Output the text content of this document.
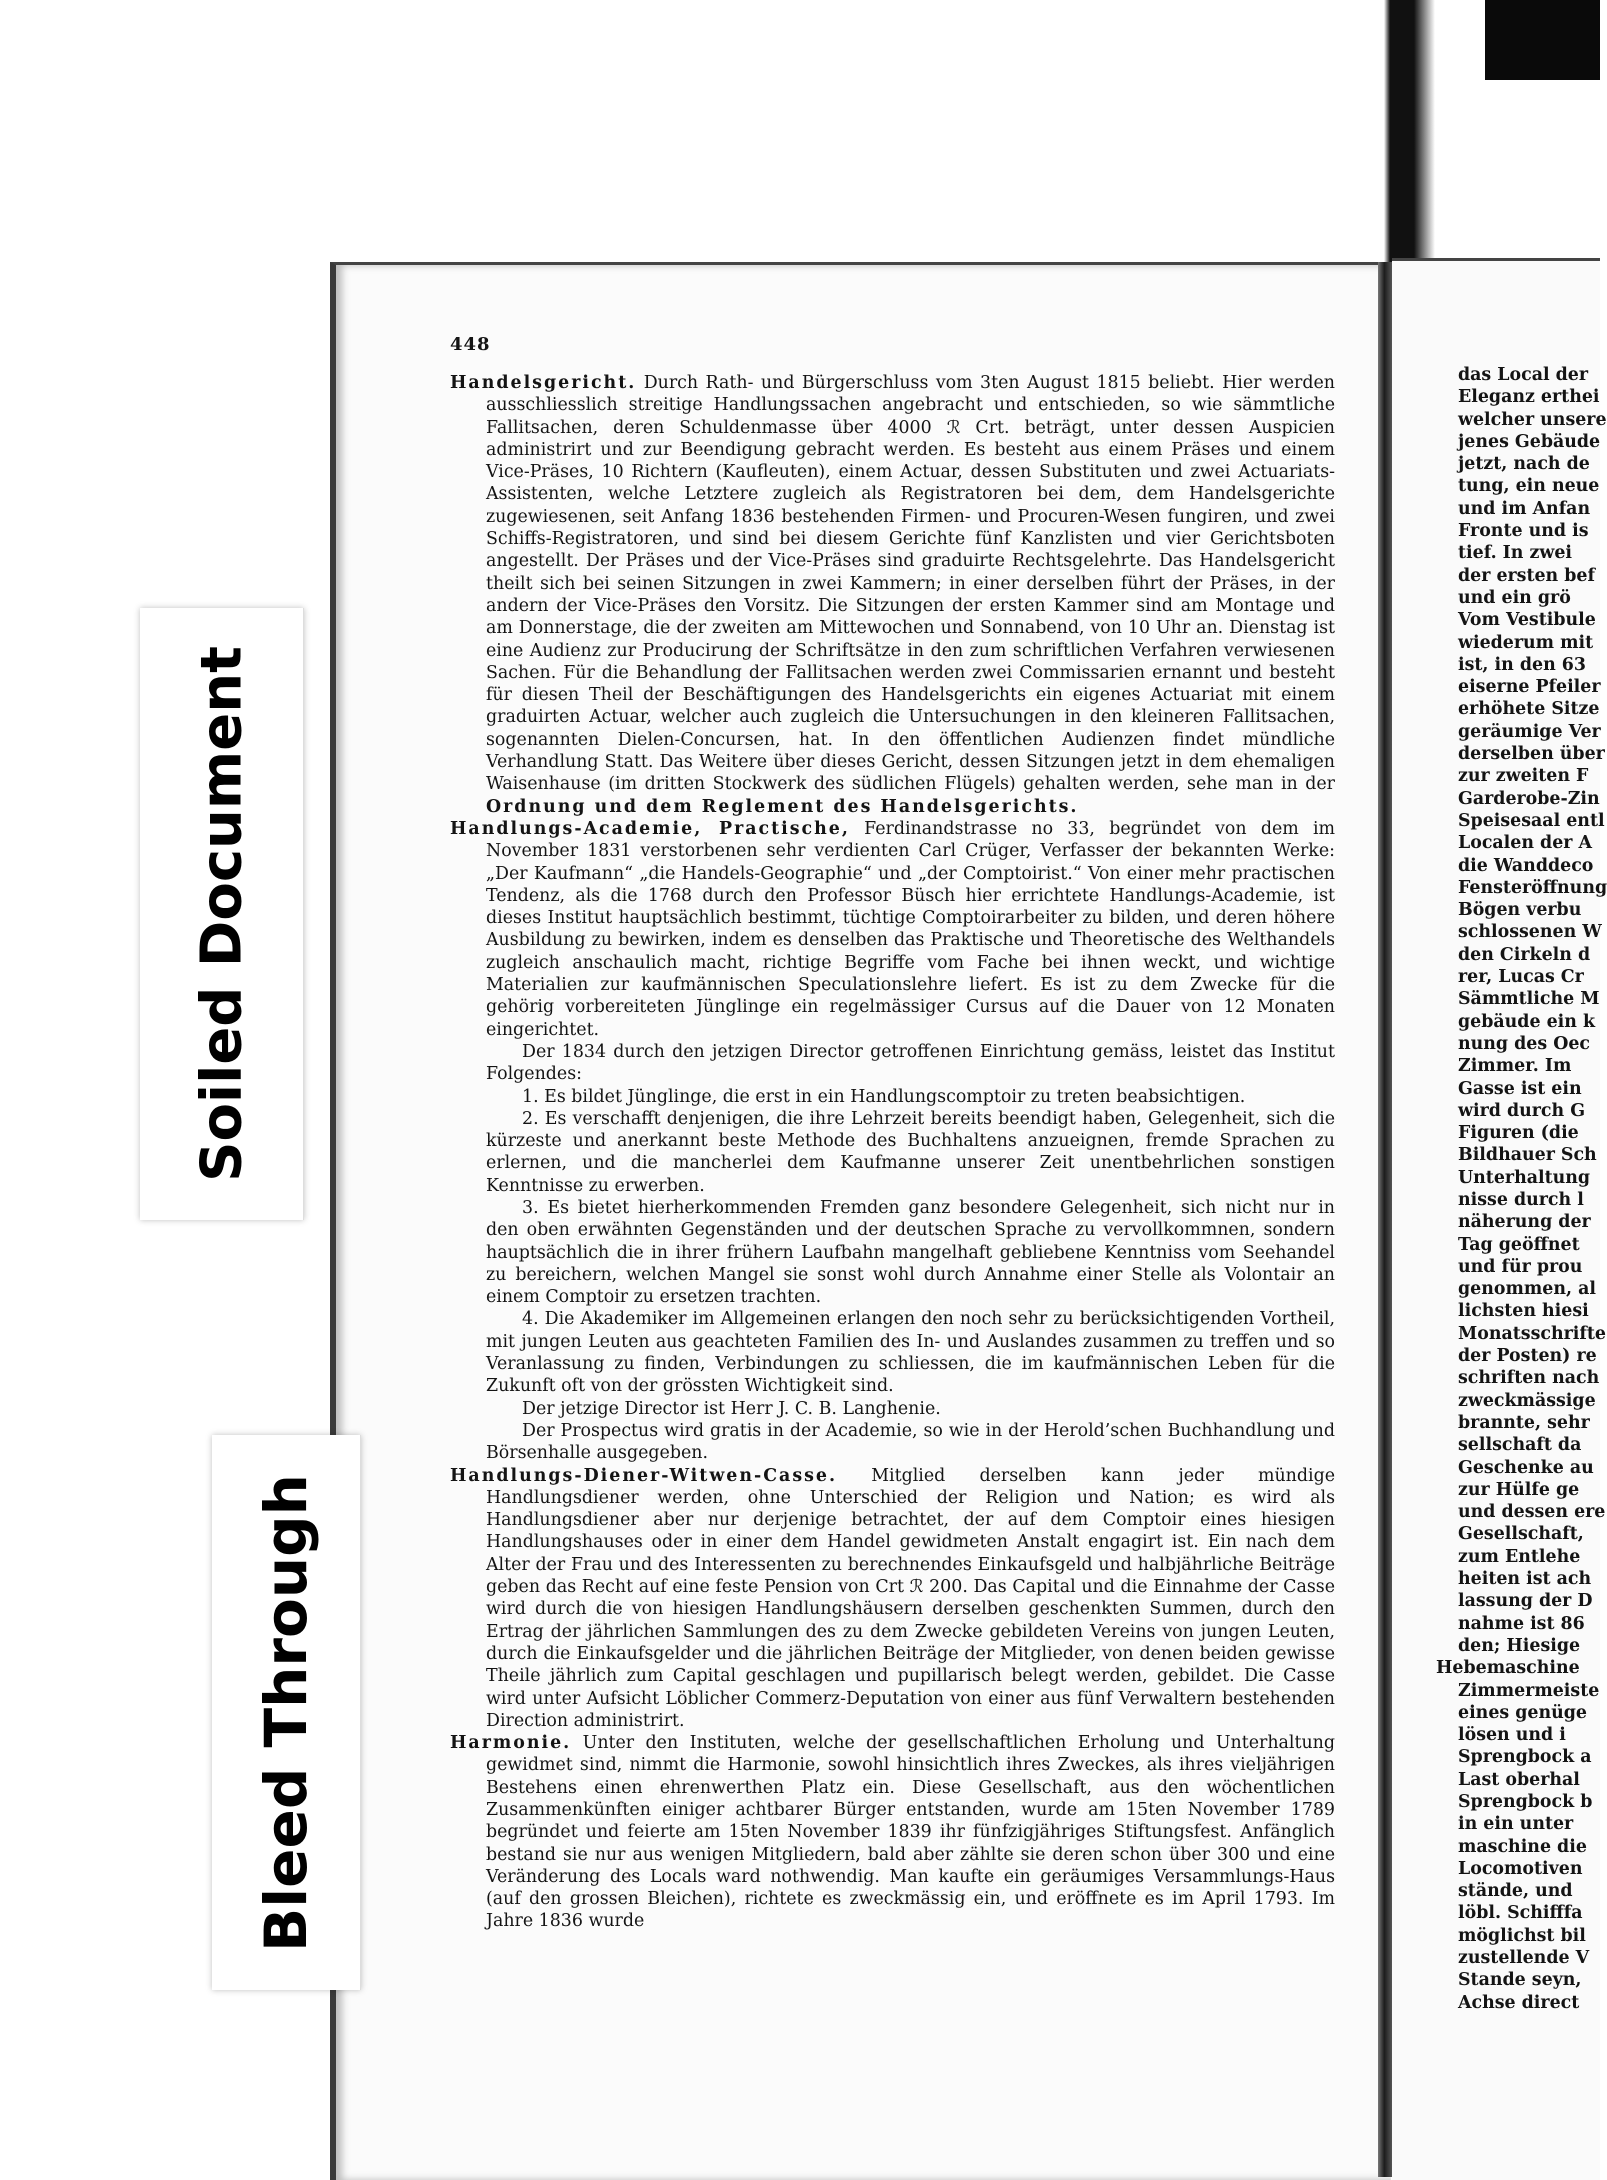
448

Handelsgericht. Durch Rath- und Bürgerschluss vom 3ten August 1815 beliebt. Hier werden ausschliesslich streitige Handlungssachen angebracht und entschieden, so wie sämmtliche Fallitsachen, deren Schuldenmasse über 4000 ℛ Crt. beträgt, unter dessen Auspicien administrirt und zur Beendigung gebracht werden. Es besteht aus einem Präses und einem Vice-Präses, 10 Richtern (Kaufleuten), einem Actuar, dessen Substituten und zwei Actuariats-Assistenten, welche Letztere zugleich als Registratoren bei dem, dem Handelsgerichte zugewiesenen, seit Anfang 1836 bestehenden Firmen- und Procuren-Wesen fungiren, und zwei Schiffs-Registratoren, und sind bei diesem Gerichte fünf Kanzlisten und vier Gerichtsboten angestellt. Der Präses und der Vice-Präses sind graduirte Rechtsgelehrte. Das Handelsgericht theilt sich bei seinen Sitzungen in zwei Kammern; in einer derselben führt der Präses, in der andern der Vice-Präses den Vorsitz. Die Sitzungen der ersten Kammer sind am Montage und am Donnerstage, die der zweiten am Mittewochen und Sonnabend, von 10 Uhr an. Dienstag ist eine Audienz zur Producirung der Schriftsätze in den zum schriftlichen Verfahren verwiesenen Sachen. Für die Behandlung der Fallitsachen werden zwei Commissarien ernannt und besteht für diesen Theil der Beschäftigungen des Handelsgerichts ein eigenes Actuariat mit einem graduirten Actuar, welcher auch zugleich die Untersuchungen in den kleineren Fallitsachen, sogenannten Dielen-Concursen, hat. In den öffentlichen Audienzen findet mündliche Verhandlung Statt. Das Weitere über dieses Gericht, dessen Sitzungen jetzt in dem ehemaligen Waisenhause (im dritten Stockwerk des südlichen Flügels) gehalten werden, sehe man in der Ordnung und dem Reglement des Handelsgerichts.

Handlungs-Academie, Practische, Ferdinandstrasse no 33, begründet von dem im November 1831 verstorbenen sehr verdienten Carl Crüger, Verfasser der bekannten Werke: „Der Kaufmann“ „die Handels-Geographie“ und „der Comptoirist.“ Von einer mehr practischen Tendenz, als die 1768 durch den Professor Büsch hier errichtete Handlungs-Academie, ist dieses Institut hauptsächlich bestimmt, tüchtige Comptoirarbeiter zu bilden, und deren höhere Ausbildung zu bewirken, indem es denselben das Praktische und Theoretische des Welthandels zugleich anschaulich macht, richtige Begriffe vom Fache bei ihnen weckt, und wichtige Materialien zur kaufmännischen Speculationslehre liefert. Es ist zu dem Zwecke für die gehörig vorbereiteten Jünglinge ein regelmässiger Cursus auf die Dauer von 12 Monaten eingerichtet.

Der 1834 durch den jetzigen Director getroffenen Einrichtung gemäss, leistet das Institut Folgendes:

1. Es bildet Jünglinge, die erst in ein Handlungscomptoir zu treten beabsichtigen.

2. Es verschafft denjenigen, die ihre Lehrzeit bereits beendigt haben, Gelegenheit, sich die kürzeste und anerkannt beste Methode des Buchhaltens anzueignen, fremde Sprachen zu erlernen, und die mancherlei dem Kaufmanne unserer Zeit unentbehrlichen sonstigen Kenntnisse zu erwerben.

3. Es bietet hierherkommenden Fremden ganz besondere Gelegenheit, sich nicht nur in den oben erwähnten Gegenständen und der deutschen Sprache zu vervollkommnen, sondern hauptsächlich die in ihrer frühern Laufbahn mangelhaft gebliebene Kenntniss vom Seehandel zu bereichern, welchen Mangel sie sonst wohl durch Annahme einer Stelle als Volontair an einem Comptoir zu ersetzen trachten.

4. Die Akademiker im Allgemeinen erlangen den noch sehr zu berücksichtigenden Vortheil, mit jungen Leuten aus geachteten Familien des In- und Auslandes zusammen zu treffen und so Veranlassung zu finden, Verbindungen zu schliessen, die im kaufmännischen Leben für die Zukunft oft von der grössten Wichtigkeit sind.

Der jetzige Director ist Herr J. C. B. Langhenie.

Der Prospectus wird gratis in der Academie, so wie in der Herold’schen Buchhandlung und Börsenhalle ausgegeben.

Handlungs-Diener-Witwen-Casse. Mitglied derselben kann jeder mündige Handlungsdiener werden, ohne Unterschied der Religion und Nation; es wird als Handlungsdiener aber nur derjenige betrachtet, der auf dem Comptoir eines hiesigen Handlungshauses oder in einer dem Handel gewidmeten Anstalt engagirt ist. Ein nach dem Alter der Frau und des Interessenten zu berechnendes Einkaufsgeld und halbjährliche Beiträge geben das Recht auf eine feste Pension von Crt ℛ 200. Das Capital und die Einnahme der Casse wird durch die von hiesigen Handlungshäusern derselben geschenkten Summen, durch den Ertrag der jährlichen Sammlungen des zu dem Zwecke gebildeten Vereins von jungen Leuten, durch die Einkaufsgelder und die jährlichen Beiträge der Mitglieder, von denen beiden gewisse Theile jährlich zum Capital geschlagen und pupillarisch belegt werden, gebildet. Die Casse wird unter Aufsicht Löblicher Commerz-Deputation von einer aus fünf Verwaltern bestehenden Direction administrirt.

Harmonie. Unter den Instituten, welche der gesellschaftlichen Erholung und Unterhaltung gewidmet sind, nimmt die Harmonie, sowohl hinsichtlich ihres Zweckes, als ihres vieljährigen Bestehens einen ehrenwerthen Platz ein. Diese Gesellschaft, aus den wöchentlichen Zusammenkünften einiger achtbarer Bürger entstanden, wurde am 15ten November 1789 begründet und feierte am 15ten November 1839 ihr fünfzigjähriges Stiftungsfest. Anfänglich bestand sie nur aus wenigen Mitgliedern, bald aber zählte sie deren schon über 300 und eine Veränderung des Locals ward nothwendig. Man kaufte ein geräumiges Versammlungs-Haus (auf den grossen Bleichen), richtete es zweckmässig ein, und eröffnete es im April 1793. Im Jahre 1836 wurde

das Local der
Eleganz erthei
welcher unsere
jenes Gebäude
jetzt, nach de
tung, ein neue
und im Anfan
Fronte und is
tief. In zwei
der ersten bef
und ein grö
Vom Vestibule
wiederum mit
ist, in den 63
eiserne Pfeiler
erhöhete Sitze
geräumige Ver
derselben über
zur zweiten F
Garderobe-Zin
Speisesaal entl
Localen der A
die Wanddeco
Fensteröffnung
Bögen verbu
schlossenen W
den Cirkeln d
rer, Lucas Cr
Sämmtliche M
gebäude ein k
nung des Oec
Zimmer. Im
Gasse ist ein
wird durch G
Figuren (die
Bildhauer Sch
Unterhaltung
nisse durch l
näherung der
Tag geöffnet
und für prou
genommen, al
lichsten hiesi
Monatsschrifte
der Posten) re
schriften nach
zweckmässige
brannte, sehr
sellschaft da
Geschenke au
zur Hülfe ge
und dessen ere
Gesellschaft,
zum Entlehe
heiten ist ach
lassung der D
nahme ist 86
den; Hiesige
Hebemaschine
Zimmermeiste
eines genüge
lösen und i
Sprengbock a
Last oberhal
Sprengbock b
in ein unter
maschine die
Locomotiven
stände, und
löbl. Schifffa
möglichst bil
zustellende V
Stande seyn,
Achse direct
Soiled Document
Bleed Through
